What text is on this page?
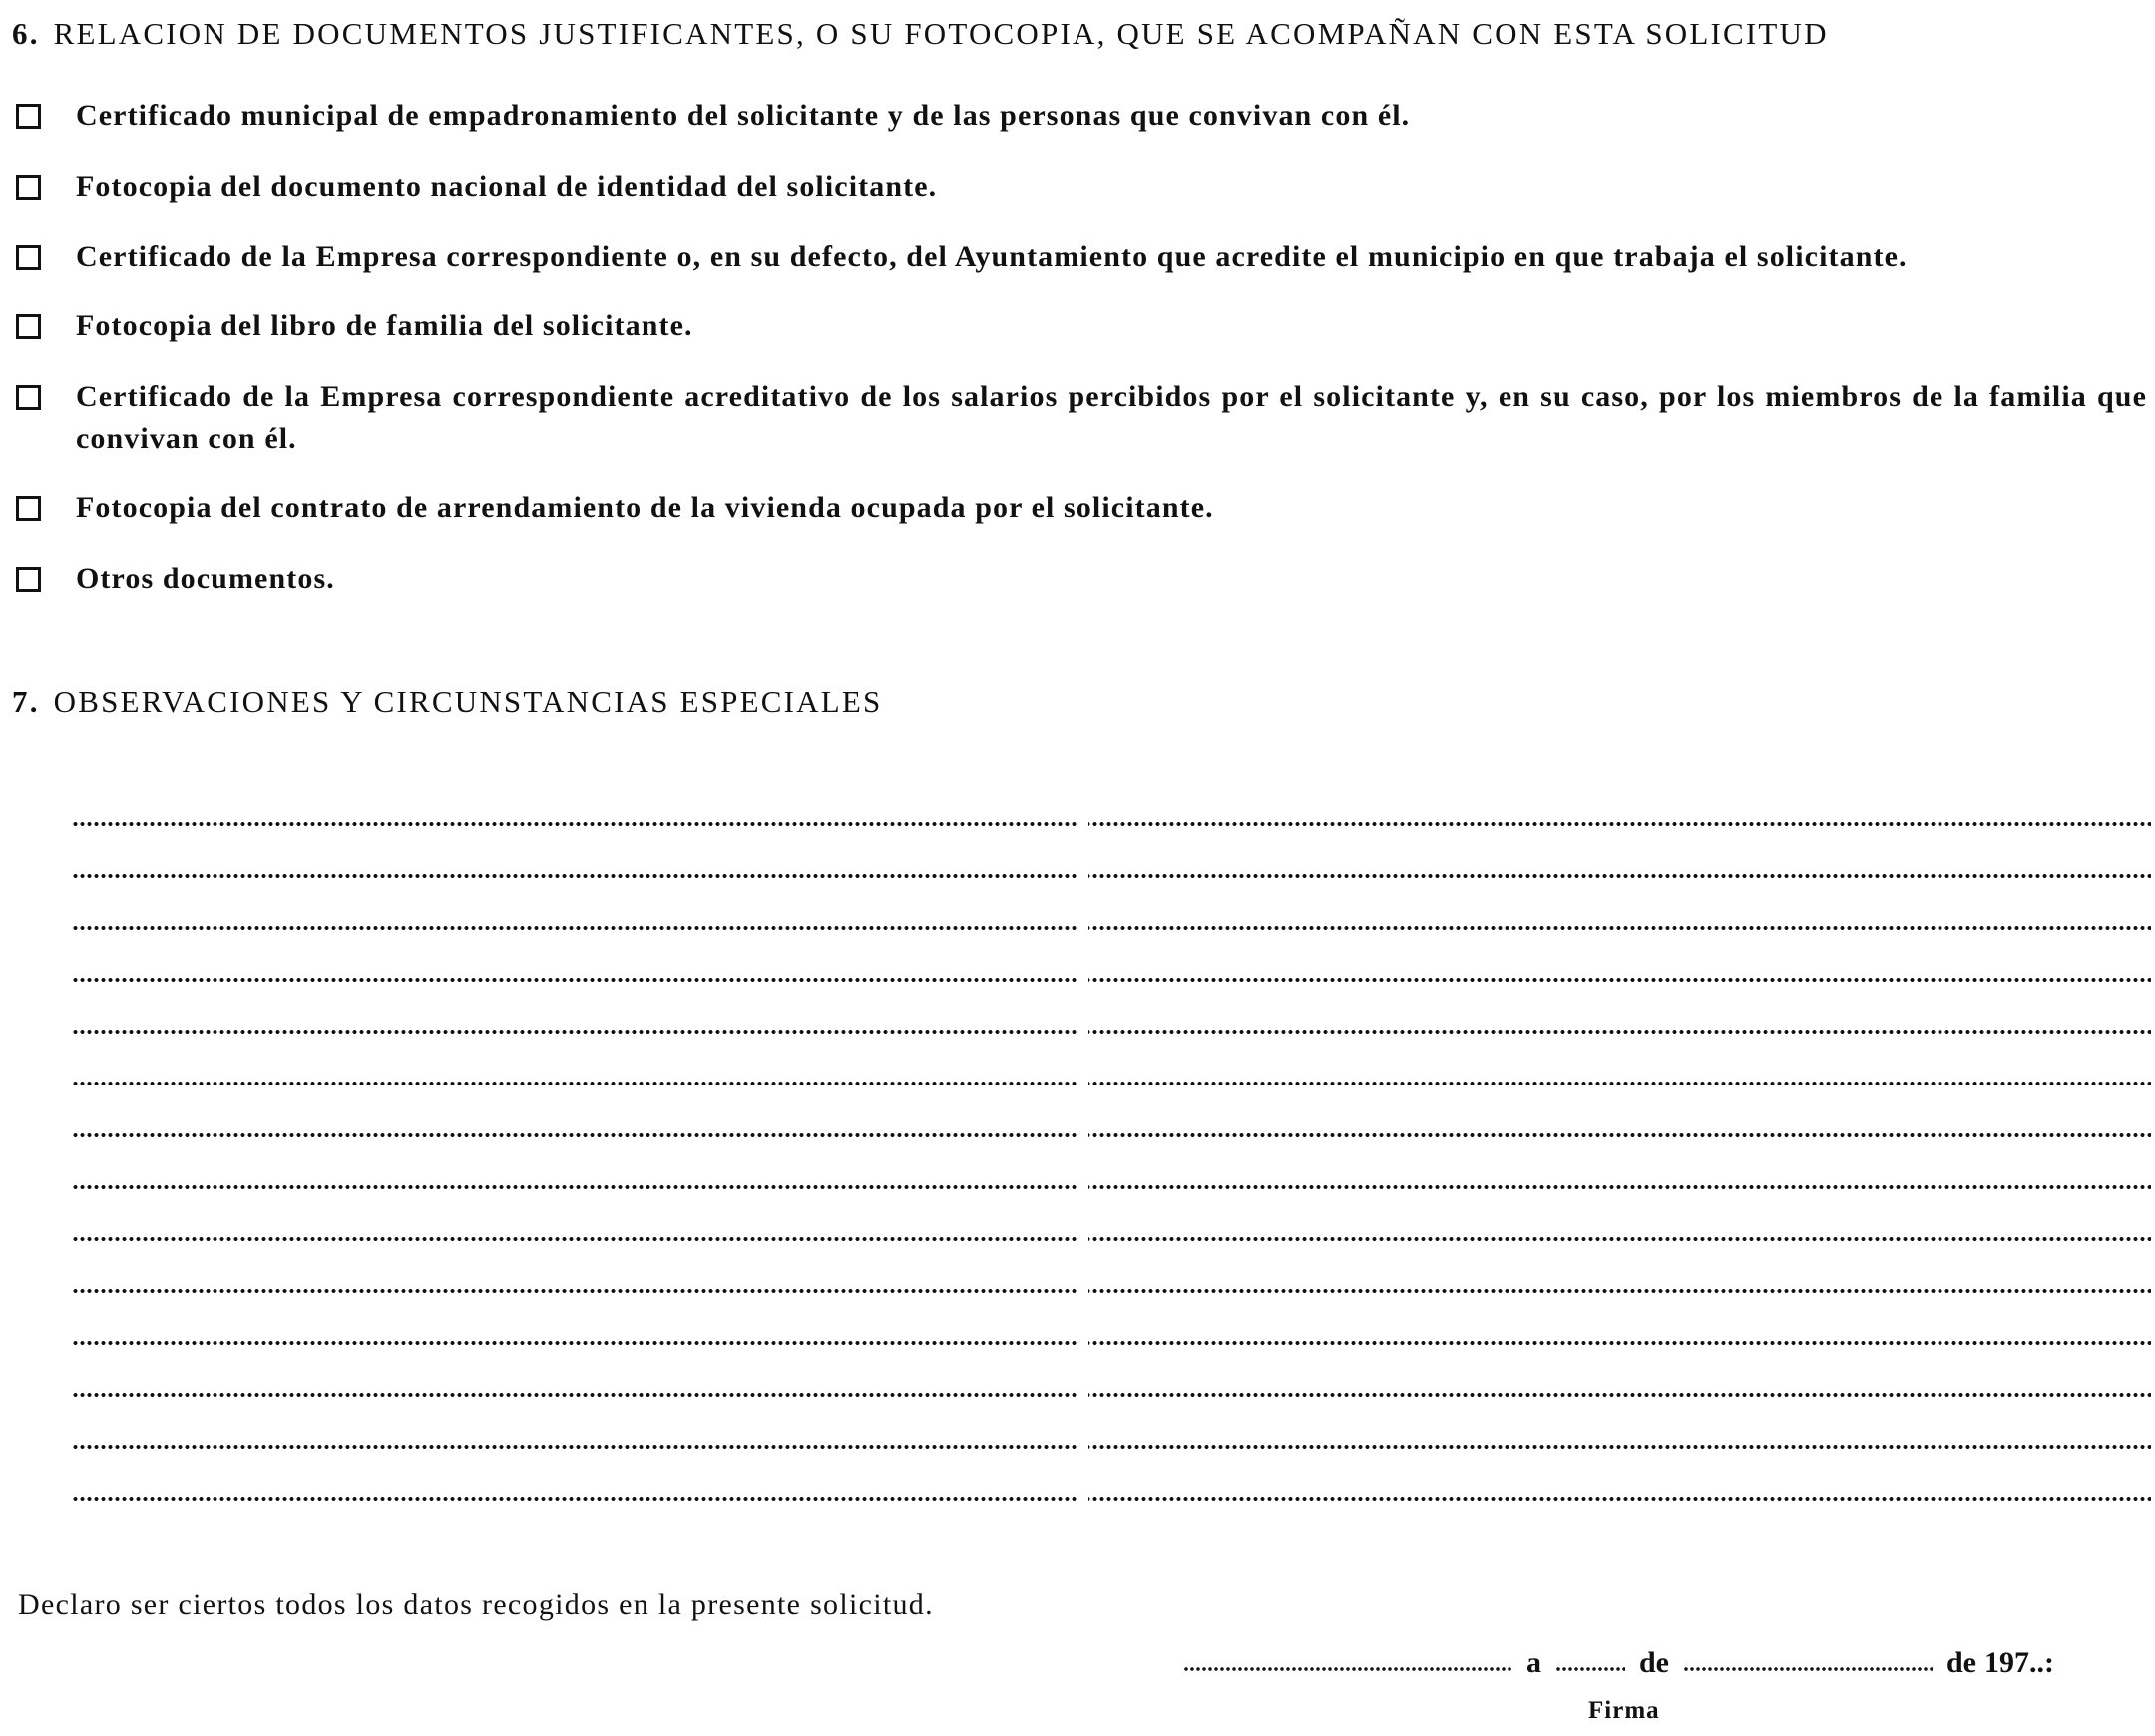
6. RELACION DE DOCUMENTOS JUSTIFICANTES, O SU FOTOCOPIA, QUE SE ACOMPAÑAN CON ESTA SOLICITUD
Certificado municipal de empadronamiento del solicitante y de las personas que convivan con él.
Fotocopia del documento nacional de identidad del solicitante.
Certificado de la Empresa correspondiente o, en su defecto, del Ayuntamiento que acredite el municipio en que trabaja el solicitante.
Fotocopia del libro de familia del solicitante.
Certificado de la Empresa correspondiente acreditativo de los salarios percibidos por el solicitante y, en su caso, por los miembros de la familia que convivan con él.
Fotocopia del contrato de arrendamiento de la vivienda ocupada por el solicitante.
Otros documentos.
7. OBSERVACIONES Y CIRCUNSTANCIAS ESPECIALES
Declaro ser ciertos todos los datos recogidos en la presente solicitud.
a	de	de 197..:
Firma
